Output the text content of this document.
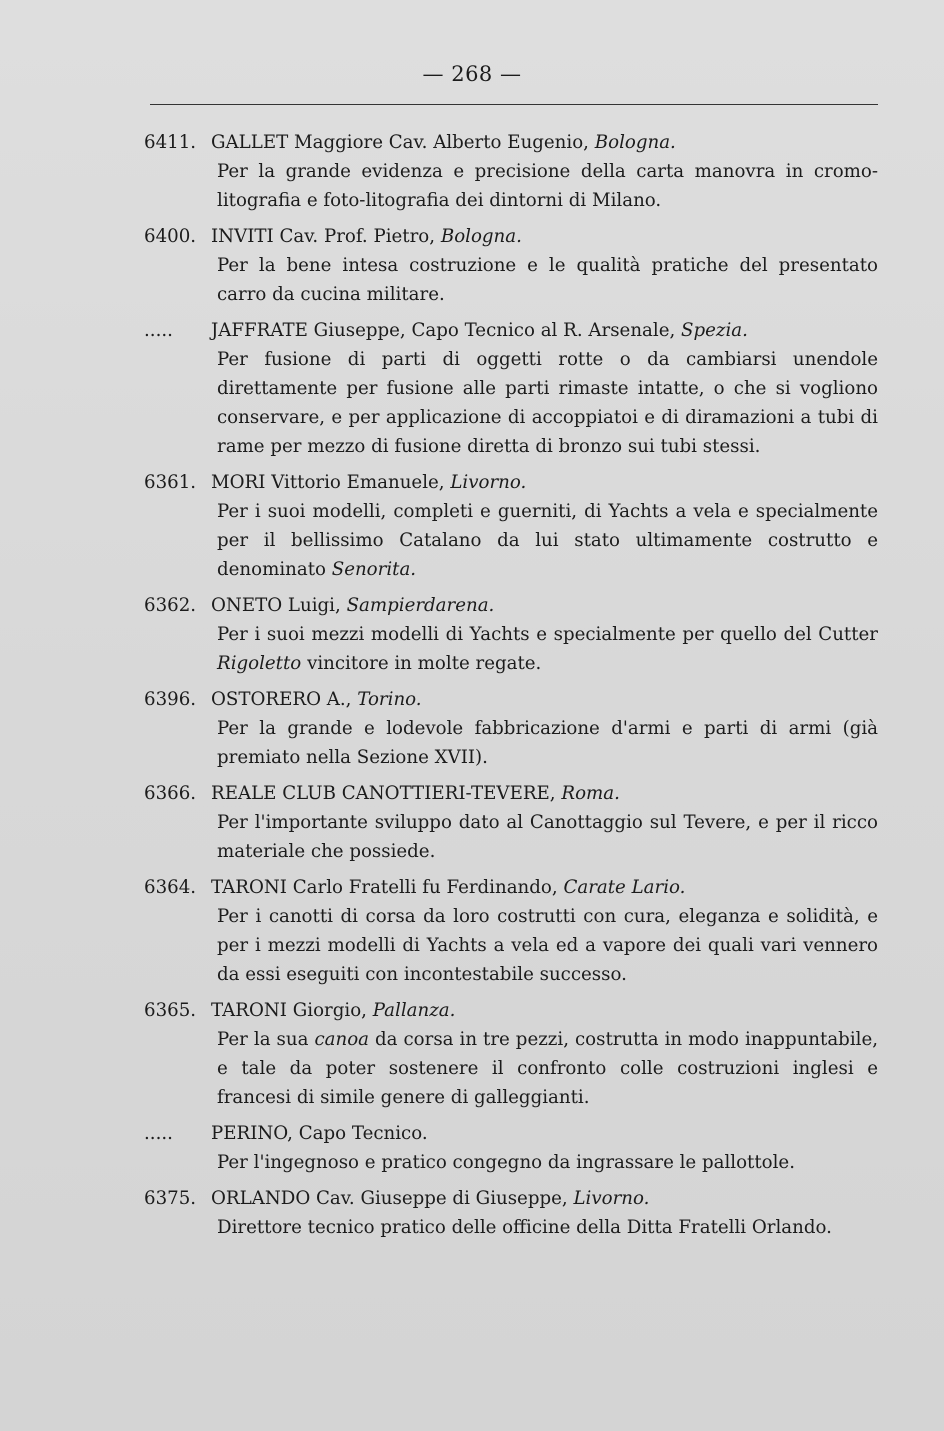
— 268 —
6411. GALLET Maggiore Cav. Alberto Eugenio, Bologna.
Per la grande evidenza e precisione della carta manovra in cromo-litografia e foto-litografia dei dintorni di Milano.
6400. INVITI Cav. Prof. Pietro, Bologna.
Per la bene intesa costruzione e le qualità pratiche del presentato carro da cucina militare.
..... JAFFRATE Giuseppe, Capo Tecnico al R. Arsenale, Spezia.
Per fusione di parti di oggetti rotte o da cambiarsi unendole direttamente per fusione alle parti rimaste intatte, o che si vogliono conservare, e per applicazione di accoppiatoi e di diramazioni a tubi di rame per mezzo di fusione diretta di bronzo sui tubi stessi.
6361. MORI Vittorio Emanuele, Livorno.
Per i suoi modelli, completi e guerniti, di Yachts a vela e specialmente per il bellissimo Catalano da lui stato ultimamente costrutto e denominato Senorita.
6362. ONETO Luigi, Sampierdarena.
Per i suoi mezzi modelli di Yachts e specialmente per quello del Cutter Rigoletto vincitore in molte regate.
6396. OSTORERO A., Torino.
Per la grande e lodevole fabbricazione d'armi e parti di armi (già premiato nella Sezione XVII).
6366. REALE CLUB CANOTTIERI-TEVERE, Roma.
Per l'importante sviluppo dato al Canottaggio sul Tevere, e per il ricco materiale che possiede.
6364. TARONI Carlo Fratelli fu Ferdinando, Carate Lario.
Per i canotti di corsa da loro costrutti con cura, eleganza e solidità, e per i mezzi modelli di Yachts a vela ed a vapore dei quali vari vennero da essi eseguiti con incontestabile successo.
6365. TARONI Giorgio, Pallanza.
Per la sua canoa da corsa in tre pezzi, costrutta in modo inappuntabile, e tale da poter sostenere il confronto colle costruzioni inglesi e francesi di simile genere di galleggianti.
..... PERINO, Capo Tecnico.
Per l'ingegnoso e pratico congegno da ingrassare le pallottole.
6375. ORLANDO Cav. Giuseppe di Giuseppe, Livorno.
Direttore tecnico pratico delle officine della Ditta Fratelli Orlando.
